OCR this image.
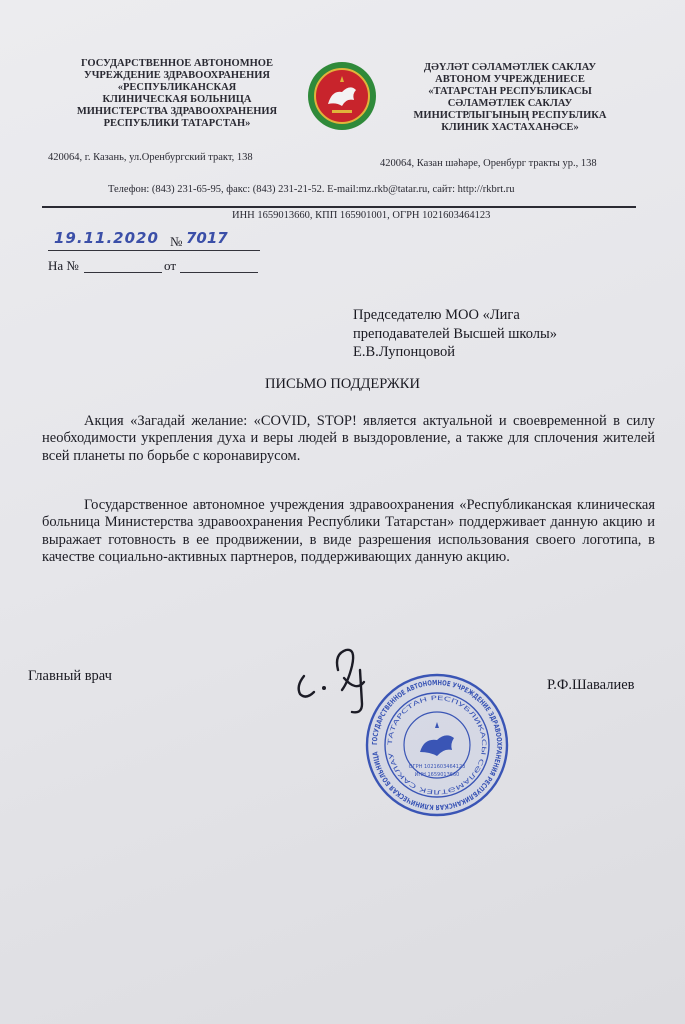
ГОСУДАРСТВЕННОЕ АВТОНОМНОЕ
УЧРЕЖДЕНИЕ ЗДРАВООХРАНЕНИЯ
«РЕСПУБЛИКАНСКАЯ
КЛИНИЧЕСКАЯ БОЛЬНИЦА
МИНИСТЕРСТВА ЗДРАВООХРАНЕНИЯ
РЕСПУБЛИКИ ТАТАРСТАН»
ДӘҮЛӘТ СӘЛАМӘТЛЕК САКЛАУ
АВТОНОМ УЧРЕЖДЕНИЕСЕ
«ТАТАРСТАН РЕСПУБЛИКАСЫ
СӘЛАМӘТЛЕК САКЛАУ
МИНИСТРЛЫГЫНЫҢ РЕСПУБЛИКА
КЛИНИК ХАСТАХАНӘСЕ»
420064, г. Казань, ул.Оренбургский тракт, 138
420064, Казан шәһәре, Оренбург тракты ур., 138
Телефон: (843) 231-65-95, факс: (843) 231-21-52. E-mail:mz.rkb@tatar.ru, сайт: http://rkbrt.ru
ИНН 1659013660, КПП 165901001, ОГРН 1021603464123
19.11.2020 № 7017
На №	от
Председателю МОО «Лига
преподавателей Высшей школы»
Е.В.Лупонцовой
ПИСЬМО ПОДДЕРЖКИ
Акция «Загадай желание: «COVID, STOP! является актуальной и своевременной в силу необходимости укрепления духа и веры людей в выздоровление, а также для сплочения жителей всей планеты по борьбе с коронавирусом.
Государственное автономное учреждения здравоохранения «Республиканская клиническая больница Министерства здравоохранения Республики Татарстан» поддерживает данную акцию и выражает готовность в ее продвижении, в виде разрешения использования своего логотипа, в качестве социально-активных партнеров, поддерживающих данную акцию.
Главный врач
Р.Ф.Шавалиев
ГОСУДАРСТВЕННОЕ АВТОНОМНОЕ УЧРЕЖДЕНИЕ ЗДРАВООХРАНЕНИЯ РЕСПУБЛИКАНСКАЯ КЛИНИЧЕСКАЯ БОЛЬНИЦА
ТАТАРСТАН РЕСПУБЛИКАСЫ СӘЛАМӘТЛЕК САКЛАУ
ОГРН 1021603464123
ИНН 1659013660
